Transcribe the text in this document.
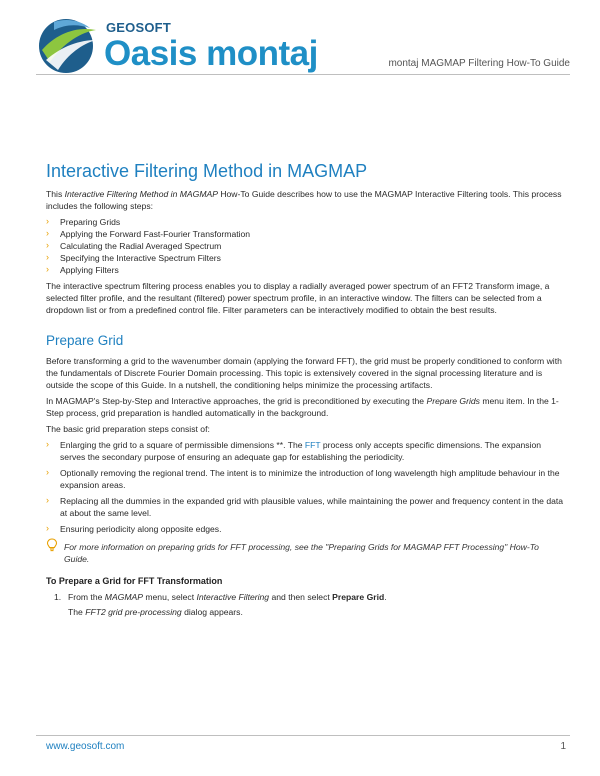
GEOSOFT
Oasis montaj	montaj MAGMAP Filtering How-To Guide
Interactive Filtering Method in MAGMAP

This Interactive Filtering Method in MAGMAP How-To Guide describes how to use the MAGMAP Interactive Filtering tools. This process includes the following steps:

› Preparing Grids
› Applying the Forward Fast-Fourier Transformation
› Calculating the Radial Averaged Spectrum
› Specifying the Interactive Spectrum Filters
› Applying Filters

The interactive spectrum filtering process enables you to display a radially averaged power spectrum of an FFT2 Transform image, a selected filter profile, and the resultant (filtered) power spectrum profile, in an interactive window. The filters can be selected from a dropdown list or from a predefined control file. Filter parameters can be interactively modified to obtain the best results.

Prepare Grid

Before transforming a grid to the wavenumber domain (applying the forward FFT), the grid must be properly conditioned to conform with the fundamentals of Discrete Fourier Domain processing. This topic is extensively covered in the signal processing literature and is outside the scope of this Guide. In a nutshell, the conditioning helps minimize the processing artifacts.

In MAGMAP's Step-by-Step and Interactive approaches, the grid is preconditioned by executing the Prepare Grids menu item. In the 1-Step process, grid preparation is handled automatically in the background.

The basic grid preparation steps consist of:

› Enlarging the grid to a square of permissible dimensions **. The FFT process only accepts specific dimensions. The expansion serves the secondary purpose of ensuring an adequate gap for establishing the periodicity.
› Optionally removing the regional trend. The intent is to minimize the introduction of long wavelength high amplitude behaviour in the expansion areas.
› Replacing all the dummies in the expanded grid with plausible values, while maintaining the power and frequency content in the data at about the same level.
› Ensuring periodicity along opposite edges.
For more information on preparing grids for FFT processing, see the "Preparing Grids for MAGMAP FFT Processing" How-To Guide.
To Prepare a Grid for FFT Transformation
1. From the MAGMAP menu, select Interactive Filtering and then select Prepare Grid.
The FFT2 grid pre-processing dialog appears.
www.geosoft.com	1
